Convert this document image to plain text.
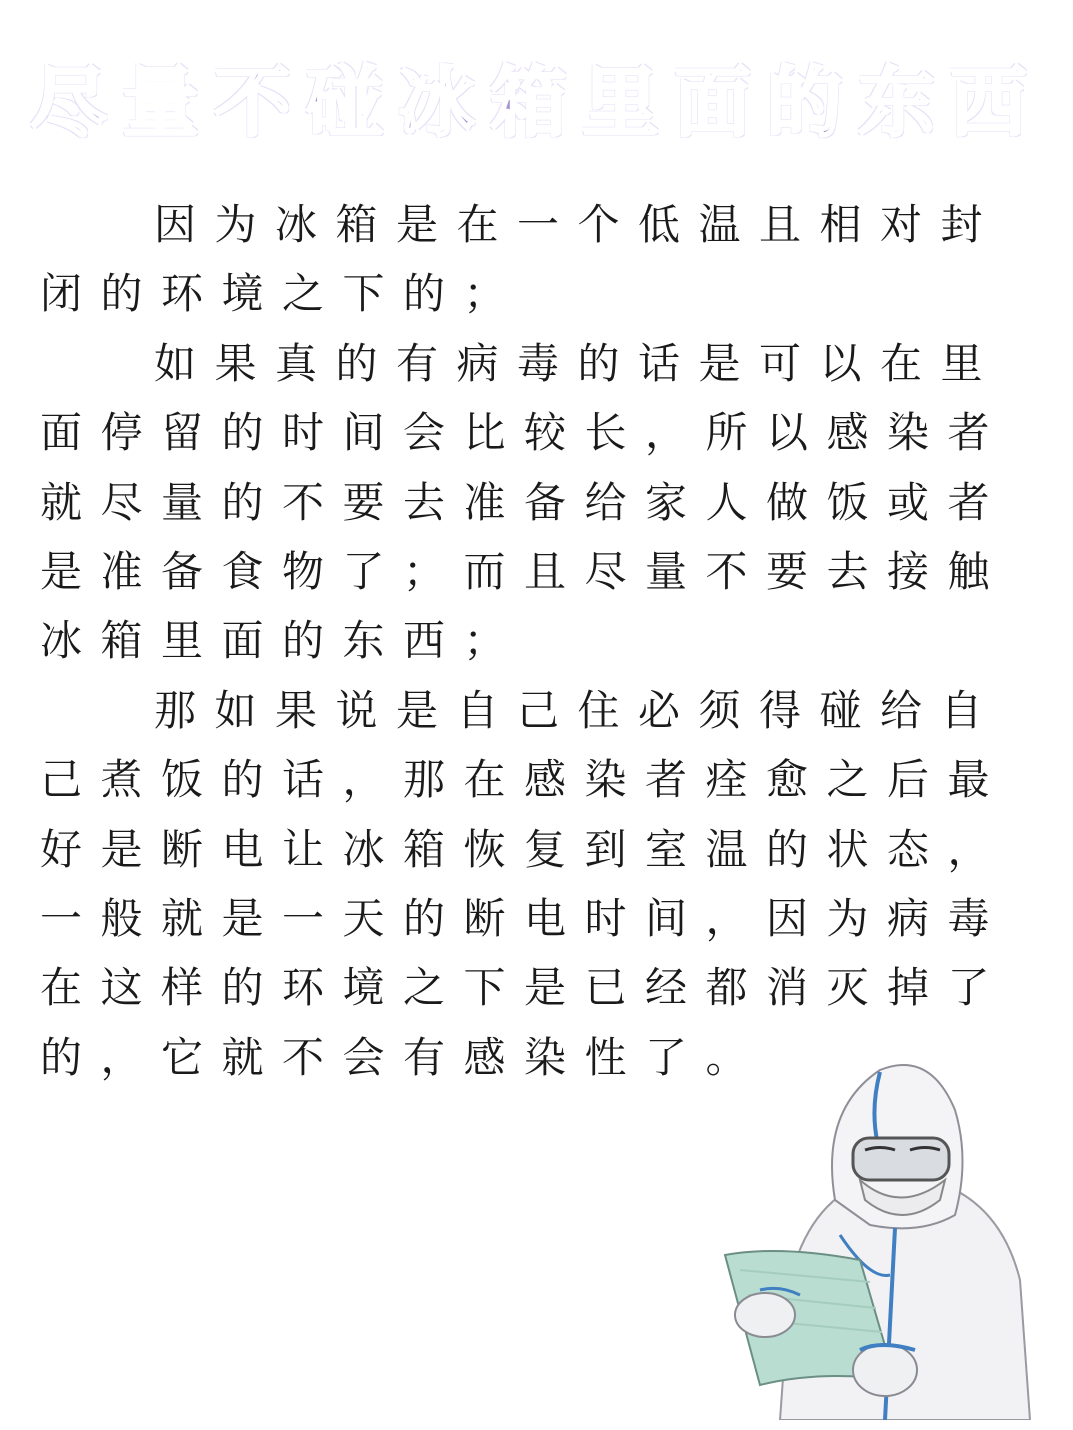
尽量不碰冰箱里面的东西

因为冰箱是在一个低温且相对封闭的环境之下的；

如果真的有病毒的话是可以在里面停留的时间会比较长，所以感染者就尽量的不要去准备给家人做饭或者是准备食物了；而且尽量不要去接触冰箱里面的东西；

那如果说是自己住必须得碰给自己煮饭的话，那在感染者痊愈之后最好是断电让冰箱恢复到室温的状态，一般就是一天的断电时间，因为病毒在这样的环境之下是已经都消灭掉了的，它就不会有感染性了。
